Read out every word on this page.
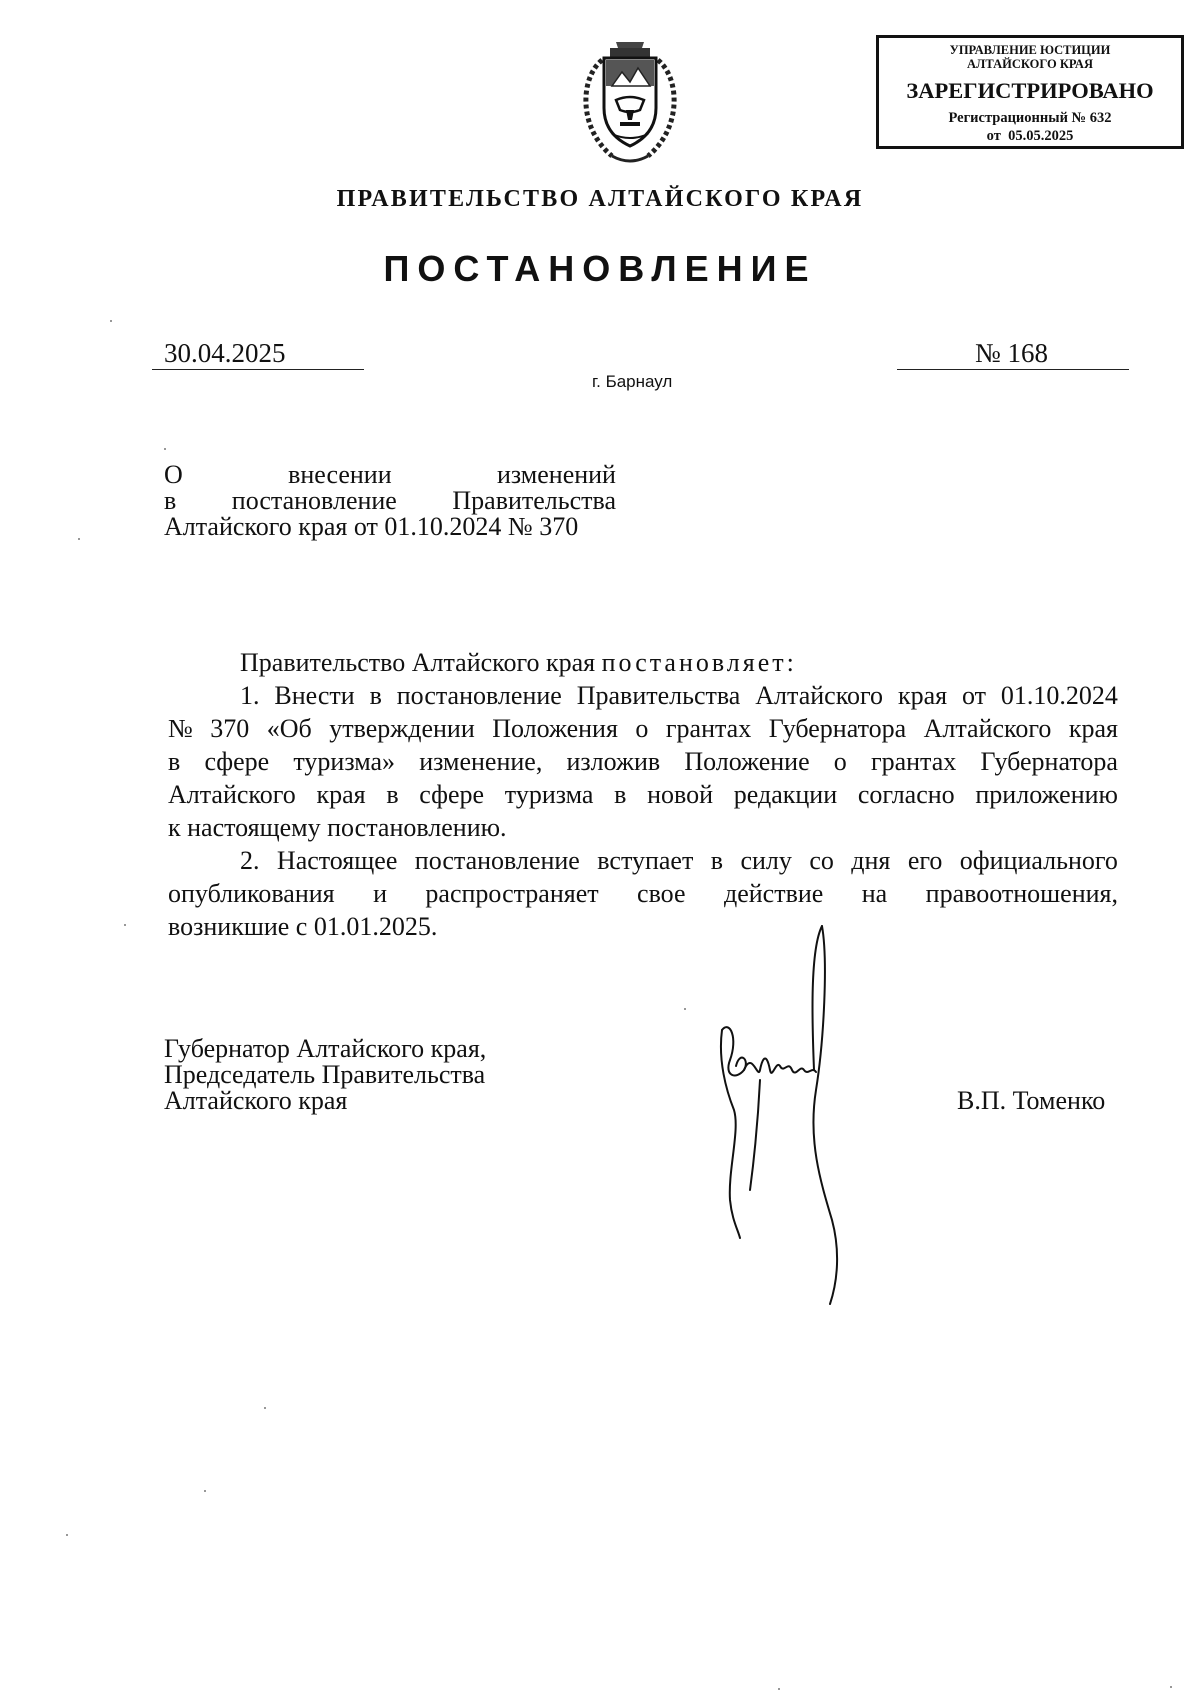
УПРАВЛЕНИЕ ЮСТИЦИИ
АЛТАЙСКОГО КРАЯ
ЗАРЕГИСТРИРОВАНО
Регистрационный № 632
от  05.05.2025
ПРАВИТЕЛЬСТВО АЛТАЙСКОГО КРАЯ
ПОСТАНОВЛЕНИЕ
30.04.2025	№ 168
г. Барнаул
О	внесении	изменений
в постановление Правительства
Алтайского края от 01.10.2024 № 370
Правительство Алтайского края постановляет:
1. Внести в постановление Правительства Алтайского края от 01.10.2024
№ 370 «Об утверждении Положения о грантах Губернатора Алтайского края
в сфере туризма» изменение, изложив Положение о грантах Губернатора
Алтайского края в сфере туризма в новой редакции согласно приложению
к настоящему постановлению.
2. Настоящее постановление вступает в силу со дня его официального
опубликования и распространяет свое действие на правоотношения,
возникшие с 01.01.2025.
Губернатор Алтайского края,
Председатель Правительства
Алтайского края	В.П. Томенко
